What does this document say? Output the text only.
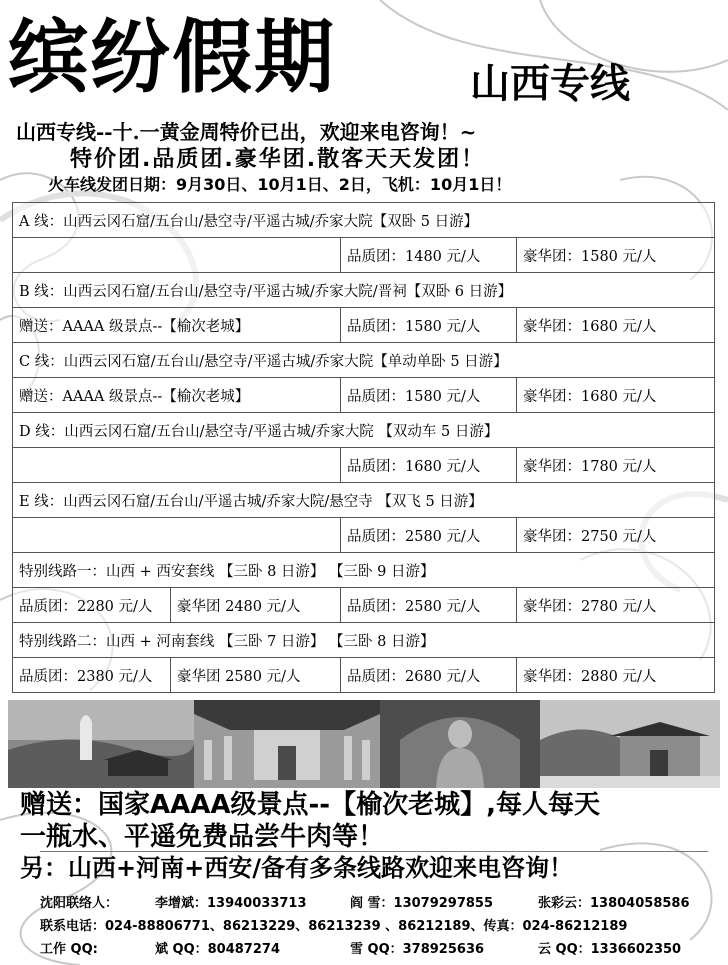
缤纷假期	山西专线
山西专线--十.一黄金周特价已出，欢迎来电咨询！~
特价团.品质团.豪华团.散客天天发团！
火车线发团日期：9月30日、10月1日、2日，飞机：10月1日！
A 线：山西云冈石窟/五台山/悬空寺/平遥古城/乔家大院【双卧 5 日游】			
		品质团：1480 元/人	豪华团：1580 元/人
B 线：山西云冈石窟/五台山/悬空寺/平遥古城/乔家大院/晋祠【双卧 6 日游】			
赠送：AAAA 级景点--【榆次老城】		品质团：1580 元/人	豪华团：1680 元/人
C 线：山西云冈石窟/五台山/悬空寺/平遥古城/乔家大院【单动单卧 5 日游】			
赠送：AAAA 级景点--【榆次老城】		品质团：1580 元/人	豪华团：1680 元/人
D 线：山西云冈石窟/五台山/悬空寺/平遥古城/乔家大院 【双动车 5 日游】			
		品质团：1680 元/人	豪华团：1780 元/人
E 线：山西云冈石窟/五台山/平遥古城/乔家大院/悬空寺 【双飞 5 日游】			
		品质团：2580 元/人	豪华团：2750 元/人
特别线路一：山西 + 西安套线 【三卧 8 日游】 【三卧 9 日游】			
品质团：2280 元/人	豪华团 2480 元/人	品质团：2580 元/人	豪华团：2780 元/人
特别线路二：山西 + 河南套线 【三卧 7 日游】 【三卧 8 日游】			
品质团：2380 元/人	豪华团 2580 元/人	品质团：2680 元/人	豪华团：2880 元/人
赠送：国家AAAA级景点--【榆次老城】,每人每天
一瓶水、平遥免费品尝牛肉等！
另：山西+河南+西安/备有多条线路欢迎来电咨询！
沈阳联络人：	李增斌：13940033713	阎 雪：13079297855	张彩云：13804058586
联系电话：024-88806771、86213229、86213239 、86212189、传真：024-86212189
工作 QQ:	斌 QQ：80487274	雪 QQ：378925636	云 QQ：1336602350
